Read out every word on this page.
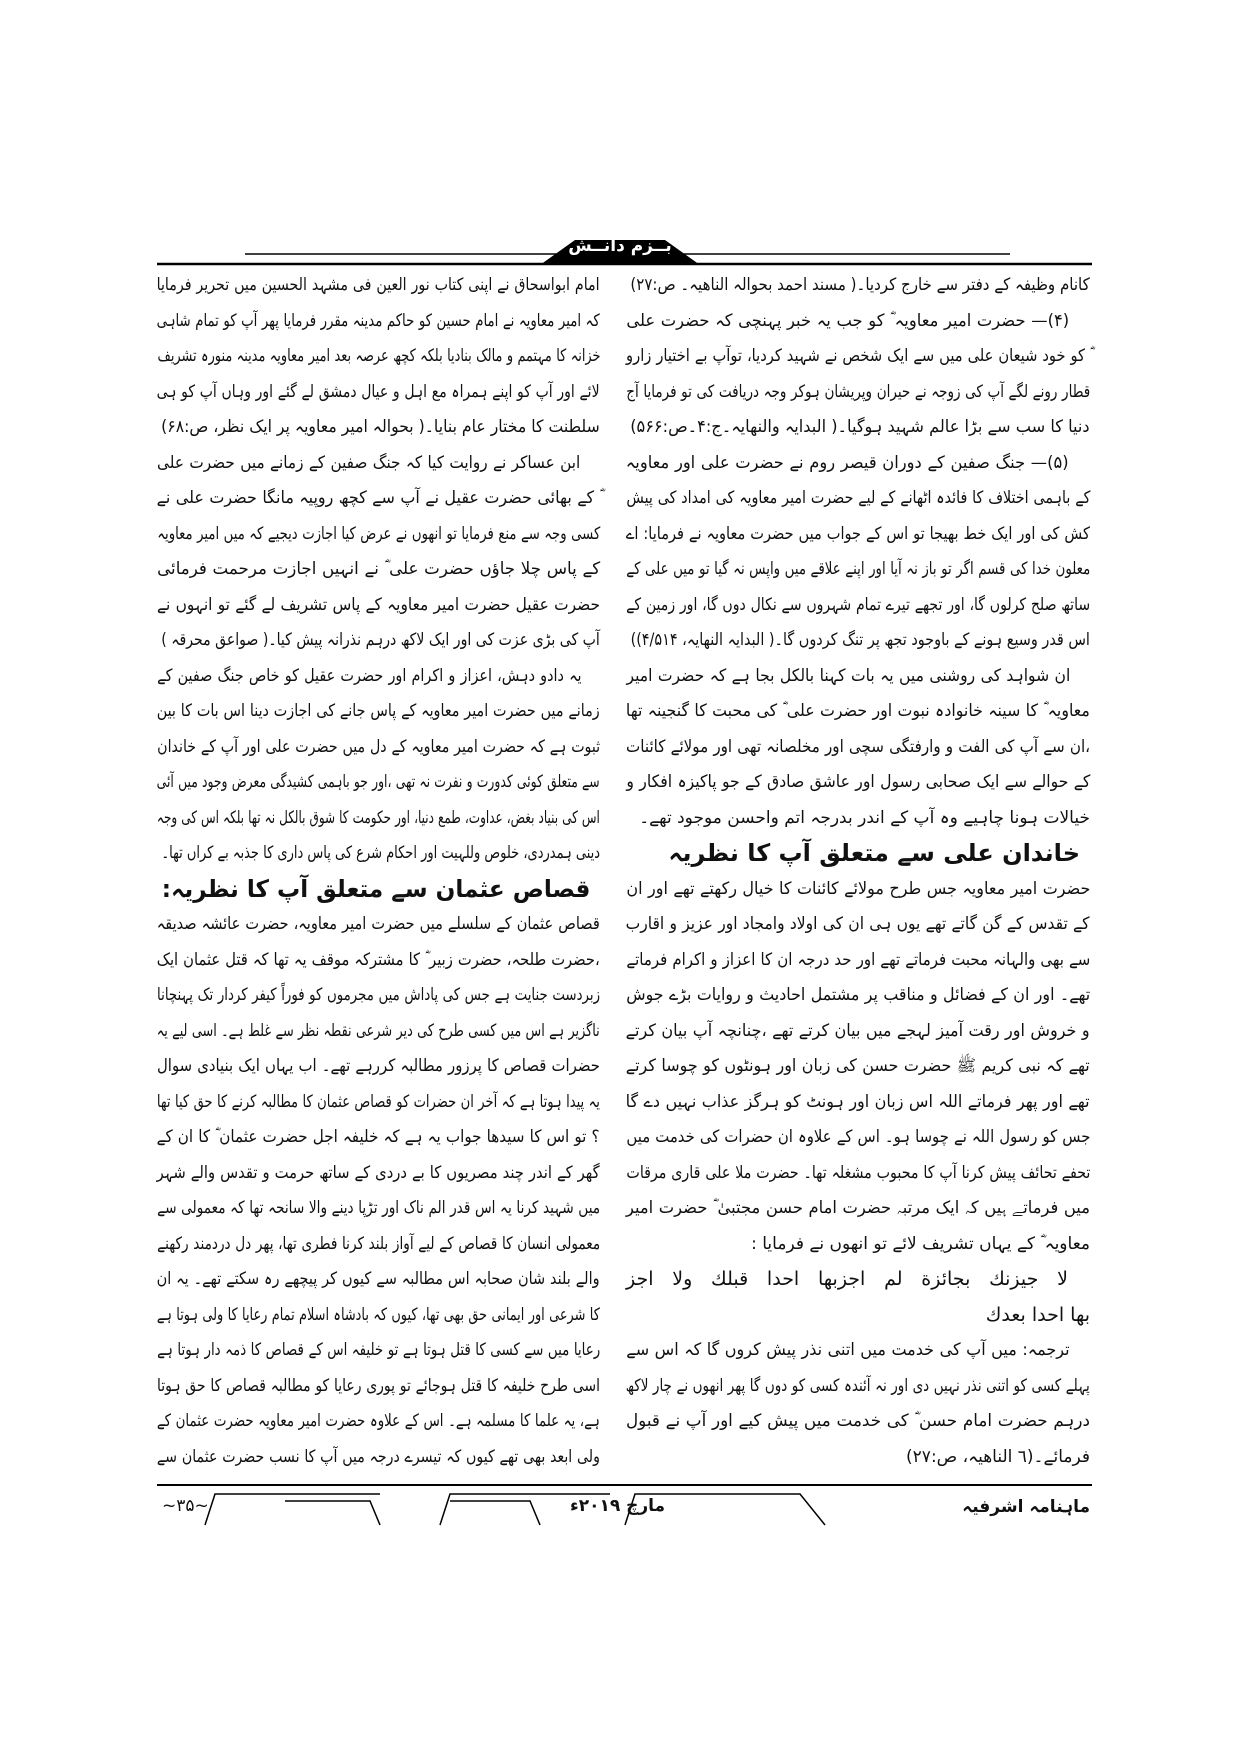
بــزم دانــش
کانام وظیفہ کے دفتر سے خارج کردیا۔( مسند احمد بحوالہ الناھیہ۔ ص:۲۷)
(۴)— حضرت امیر معاویہ ؓ کو جب یہ خبر پہنچی کہ حضرت علی
ؓ کو خود شیعان علی میں سے ایک شخص نے شہید کردیا، توآپ بے اختیار زارو
قطار رونے لگے آپ کی زوجہ نے حیران وپریشان ہوکر وجہ دریافت کی تو فرمایا آج
دنیا کا سب سے بڑا عالم شہید ہوگیا۔( البدایہ والنھایہ۔ج:۴۔ص:۵۶۶)
(۵)— جنگ صفین کے دوران قیصر روم نے حضرت علی اور معاویہ
کے باہمی اختلاف کا فائدہ اٹھانے کے لیے حضرت امیر معاویہ کی امداد کی پیش
کش کی اور ایک خط بھیجا تو اس کے جواب میں حضرت معاویہ نے فرمایا: اے
معلون خدا کی قسم اگر تو باز نہ آیا اور اپنے علاقے میں واپس نہ گیا تو میں علی کے
ساتھ صلح کرلوں گا، اور تجھے تیرے تمام شہروں سے نکال دوں گا، اور زمین کے
اس قدر وسیع ہونے کے باوجود تجھ پر تنگ کردوں گا۔( البدایہ النھایہ، ۴/۵۱۴))
ان شواہد کی روشنی میں یہ بات کہنا بالکل بجا ہے کہ حضرت امیر
معاویہ ؓ کا سینہ خانوادہ نبوت اور حضرت علی ؓ کی محبت کا گنجینہ تھا
،ان سے آپ کی الفت و وارفتگی سچی اور مخلصانہ تھی اور مولائے کائنات
کے حوالے سے ایک صحابی رسول اور عاشق صادق کے جو پاکیزہ افکار و
خیالات ہونا چاہیے وہ آپ کے اندر بدرجہ اتم واحسن موجود تھے۔
خاندان علی سے متعلق آپ کا نظریہ
حضرت امیر معاویہ جس طرح مولائے کائنات کا خیال رکھتے تھے اور ان
کے تقدس کے گن گاتے تھے یوں ہی ان کی اولاد وامجاد اور عزیز و اقارب
سے بھی والہانہ محبت فرماتے تھے اور حد درجہ ان کا اعزاز و اکرام فرماتے
تھے۔ اور ان کے فضائل و مناقب پر مشتمل احادیث و روایات بڑے جوش
و خروش اور رقت آمیز لہجے میں بیان کرتے تھے ،چنانچہ آپ بیان کرتے
تھے کہ نبی کریم ﷺ حضرت حسن کی زبان اور ہونٹوں کو چوسا کرتے
تھے اور پھر فرماتے اللہ اس زبان اور ہونٹ کو ہرگز عذاب نہیں دے گا
جس کو رسول اللہ نے چوسا ہو۔ اس کے علاوہ ان حضرات کی خدمت میں
تحفے تحائف پیش کرنا آپ کا محبوب مشغلہ تھا۔ حضرت ملا علی قاری مرقات
میں فرماتے ہیں کہ ایک مرتبہ حضرت امام حسن مجتبیٰ ؓ حضرت امیر
معاویہ ؓ کے یہاں تشریف لائے تو انھوں نے فرمایا :
لا جيزنك بجائزة لم اجزبها احدا قبلك ولا اجز
بها احدا بعدك
ترجمہ: میں آپ کی خدمت میں اتنی نذر پیش کروں گا کہ اس سے
پہلے کسی کو اتنی نذر نہیں دی اور نہ آئندہ کسی کو دوں گا پھر انھوں نے چار لاکھ
درہم حضرت امام حسن ؓ کی خدمت میں پیش کیے اور آپ نے قبول
فرمائے۔(٦ الناھیہ، ص:۲۷)
امام ابواسحاق نے اپنی کتاب نور العین فی مشہد الحسین میں تحریر فرمایا
کہ امیر معاویہ نے امام حسین کو حاکم مدینہ مقرر فرمایا پھر آپ کو تمام شاہی
خزانہ کا مہتمم و مالک بنادیا بلکہ کچھ عرصہ بعد امیر معاویہ مدینہ منورہ تشریف
لائے اور آپ کو اپنے ہمراہ مع اہل و عیال دمشق لے گئے اور وہاں آپ کو ہی
سلطنت کا مختار عام بنایا۔( بحوالہ امیر معاویہ پر ایک نظر، ص:۶۸)
ابن عساکر نے روایت کیا کہ جنگ صفین کے زمانے میں حضرت علی
ؓ کے بھائی حضرت عقیل نے آپ سے کچھ روپیہ مانگا حضرت علی نے
کسی وجہ سے منع فرمایا تو انھوں نے عرض کیا اجازت دیجیے کہ میں امیر معاویہ
کے پاس چلا جاؤں حضرت علی ؓ نے انہیں اجازت مرحمت فرمائی
حضرت عقیل حضرت امیر معاویہ کے پاس تشریف لے گئے تو انہوں نے
آپ کی بڑی عزت کی اور ایک لاکھ درہم نذرانہ پیش کیا۔( صواعق محرقہ )
یہ دادو دہش، اعزاز و اکرام اور حضرت عقیل کو خاص جنگ صفین کے
زمانے میں حضرت امیر معاویہ کے پاس جانے کی اجازت دینا اس بات کا بین
ثبوت ہے کہ حضرت امیر معاویہ کے دل میں حضرت علی اور آپ کے خاندان
سے متعلق کوئی کدورت و نفرت نہ تھی ،اور جو باہمی کشیدگی معرض وجود میں آئی
اس کی بنیاد بغض، عداوت، طمع دنیا، اور حکومت کا شوق بالکل نہ تھا بلکہ اس کی وجہ
دینی ہمدردی، خلوص وللہیت اور احکام شرع کی پاس داری کا جذبہ بے کراں تھا۔
قصاص عثمان سے متعلق آپ کا نظریہ:
قصاص عثمان کے سلسلے میں حضرت امیر معاویہ، حضرت عائشہ صدیقہ
،حضرت طلحہ، حضرت زبیر ؓ کا مشترکہ موقف یہ تھا کہ قتل عثمان ایک
زبردست جنایت ہے جس کی پاداش میں مجرموں کو فوراً کیفر کردار تک پہنچانا
ناگزیر ہے اس میں کسی طرح کی دیر شرعی نقطہ نظر سے غلط ہے۔ اسی لیے یہ
حضرات قصاص کا پرزور مطالبہ کررہے تھے۔ اب یہاں ایک بنیادی سوال
یہ پیدا ہوتا ہے کہ آخر ان حضرات کو قصاص عثمان کا مطالبہ کرنے کا حق کیا تھا
؟ تو اس کا سیدھا جواب یہ ہے کہ خلیفہ اجل حضرت عثمان ؓ کا ان کے
گھر کے اندر چند مصریوں کا بے دردی کے ساتھ حرمت و تقدس والے شہر
میں شہید کرنا یہ اس قدر الم ناک اور تڑپا دینے والا سانحہ تھا کہ معمولی سے
معمولی انسان کا قصاص کے لیے آواز بلند کرنا فطری تھا، پھر دل دردمند رکھنے
والے بلند شان صحابہ اس مطالبہ سے کیوں کر پیچھے رہ سکتے تھے۔ یہ ان
کا شرعی اور ایمانی حق بھی تھا، کیوں کہ بادشاہ اسلام تمام رعایا کا ولی ہوتا ہے
رعایا میں سے کسی کا قتل ہوتا ہے تو خلیفہ اس کے قصاص کا ذمہ دار ہوتا ہے
اسی طرح خلیفہ کا قتل ہوجائے تو پوری رعایا کو مطالبہ قصاص کا حق ہوتا
ہے، یہ علما کا مسلمہ ہے۔ اس کے علاوہ حضرت امیر معاویہ حضرت عثمان کے
ولی ابعد بھی تھے کیوں کہ تیسرے درجہ میں آپ کا نسب حضرت عثمان سے
~۳۵~	مارچ ۲۰۱۹ء	ماہنامہ اشرفیہ
